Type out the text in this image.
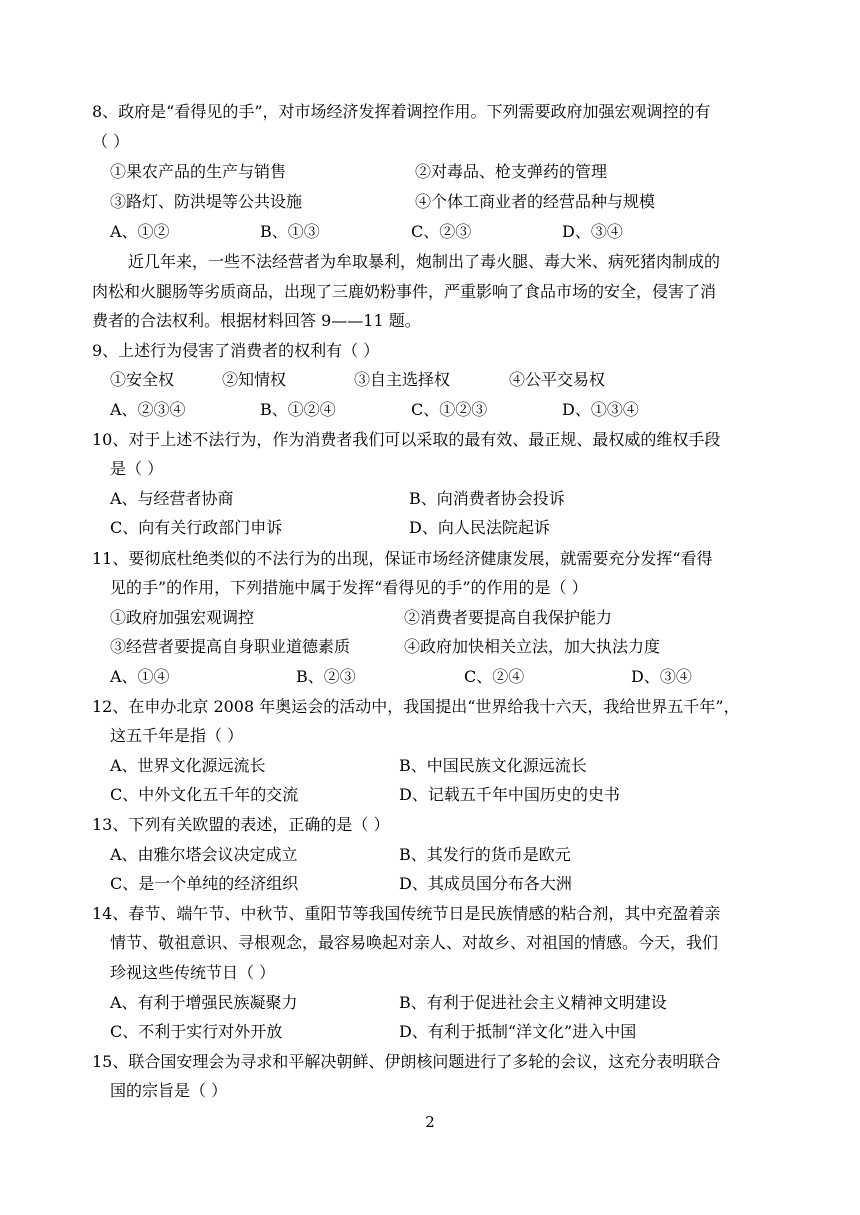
8、政府是“看得见的手”，对市场经济发挥着调控作用。下列需要政府加强宏观调控的有
（ ）
①果农产品的生产与销售	②对毒品、枪支弹药的管理
③路灯、防洪堤等公共设施	④个体工商业者的经营品种与规模
A、①②	B、①③	C、②③	D、③④
近几年来，一些不法经营者为牟取暴利，炮制出了毒火腿、毒大米、病死猪肉制成的
肉松和火腿肠等劣质商品，出现了三鹿奶粉事件，严重影响了食品市场的安全，侵害了消
费者的合法权利。根据材料回答 9——11 题。
9、上述行为侵害了消费者的权利有（ ）
①安全权	②知情权	③自主选择权	④公平交易权
A、②③④	B、①②④	C、①②③	D、①③④
10、对于上述不法行为，作为消费者我们可以采取的最有效、最正规、最权威的维权手段
是（ ）
A、与经营者协商	B、向消费者协会投诉
C、向有关行政部门申诉	D、向人民法院起诉
11、要彻底杜绝类似的不法行为的出现，保证市场经济健康发展，就需要充分发挥“看得
见的手”的作用，下列措施中属于发挥“看得见的手”的作用的是（ ）
①政府加强宏观调控	②消费者要提高自我保护能力
③经营者要提高自身职业道德素质	④政府加快相关立法，加大执法力度
A、①④	B、②③	C、②④	D、③④
12、在申办北京 2008 年奥运会的活动中，我国提出“世界给我十六天，我给世界五千年”，
这五千年是指（ ）
A、世界文化源远流长	B、中国民族文化源远流长
C、中外文化五千年的交流	D、记载五千年中国历史的史书
13、下列有关欧盟的表述，正确的是（ ）
A、由雅尔塔会议决定成立	B、其发行的货币是欧元
C、是一个单纯的经济组织	D、其成员国分布各大洲
14、春节、端午节、中秋节、重阳节等我国传统节日是民族情感的粘合剂，其中充盈着亲
情节、敬祖意识、寻根观念，最容易唤起对亲人、对故乡、对祖国的情感。今天，我们
珍视这些传统节日（ ）
A、有利于增强民族凝聚力	B、有利于促进社会主义精神文明建设
C、不利于实行对外开放	D、有利于抵制“洋文化”进入中国
15、联合国安理会为寻求和平解决朝鲜、伊朗核问题进行了多轮的会议，这充分表明联合
国的宗旨是（ ）
2
